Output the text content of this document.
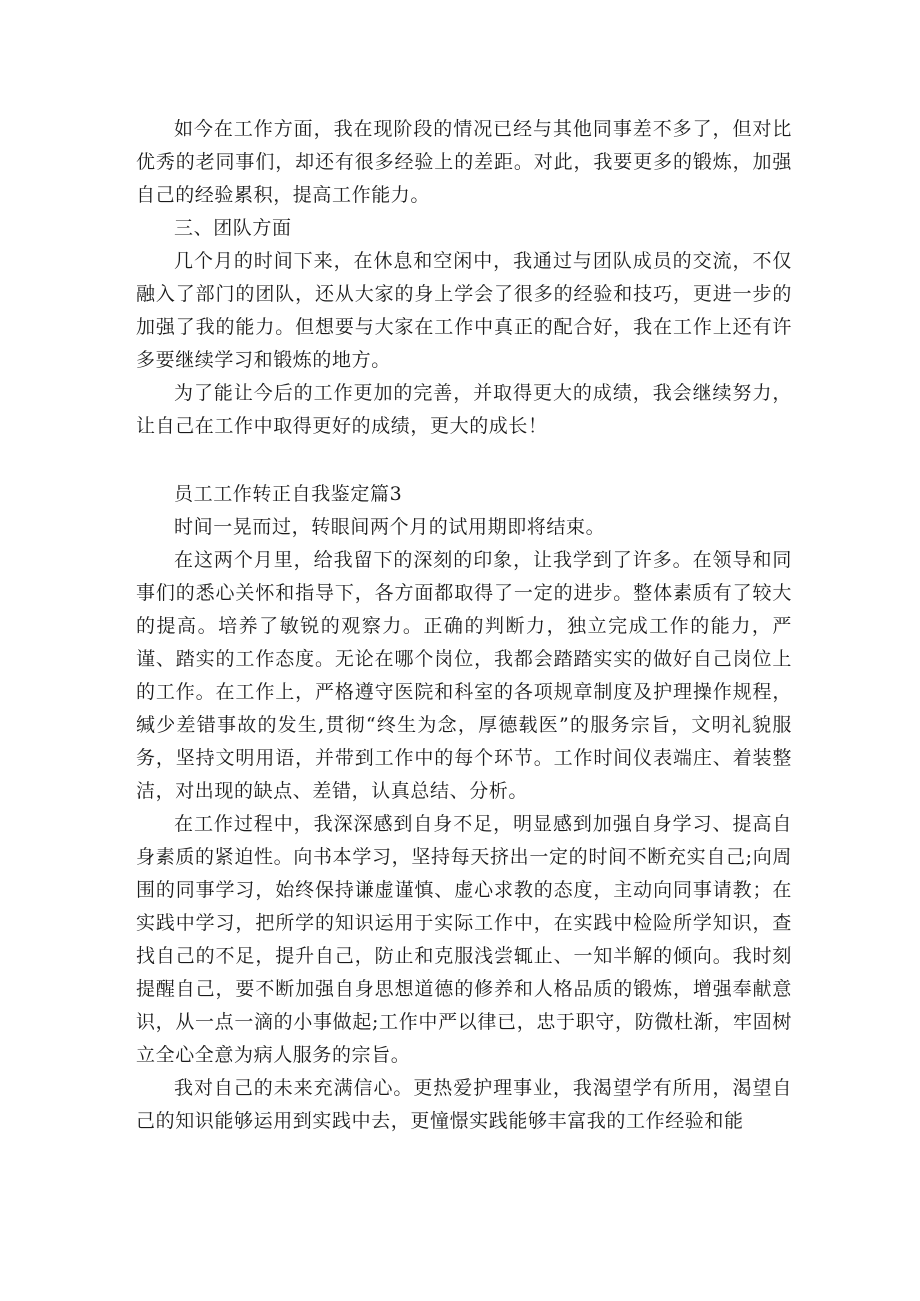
如今在工作方面，我在现阶段的情况已经与其他同事差不多了，但对比优秀的老同事们，却还有很多经验上的差距。对此，我要更多的锻炼，加强自己的经验累积，提高工作能力。

三、团队方面

几个月的时间下来，在休息和空闲中，我通过与团队成员的交流，不仅融入了部门的团队，还从大家的身上学会了很多的经验和技巧，更进一步的加强了我的能力。但想要与大家在工作中真正的配合好，我在工作上还有许多要继续学习和锻炼的地方。

为了能让今后的工作更加的完善，并取得更大的成绩，我会继续努力，让自己在工作中取得更好的成绩，更大的成长！

员工工作转正自我鉴定篇3

时间一晃而过，转眼间两个月的试用期即将结束。

在这两个月里，给我留下的深刻的印象，让我学到了许多。在领导和同事们的悉心关怀和指导下，各方面都取得了一定的进步。整体素质有了较大的提高。培养了敏锐的观察力。正确的判断力，独立完成工作的能力，严谨、踏实的工作态度。无论在哪个岗位，我都会踏踏实实的做好自己岗位上的工作。在工作上，严格遵守医院和科室的各项规章制度及护理操作规程，缄少差错事故的发生,贯彻“终生为念，厚德载医”的服务宗旨，文明礼貌服务，坚持文明用语，并带到工作中的每个环节。工作时间仪表端庄、着装整洁，对出现的缺点、差错，认真总结、分析。

在工作过程中，我深深感到自身不足，明显感到加强自身学习、提高自身素质的紧迫性。向书本学习，坚持每天挤出一定的时间不断充实自己;向周围的同事学习，始终保持谦虚谨慎、虚心求教的态度，主动向同事请教；在实践中学习，把所学的知识运用于实际工作中，在实践中检险所学知识，查找自己的不足，提升自己，防止和克服浅尝辄止、一知半解的倾向。我时刻提醒自己，要不断加强自身思想道德的修养和人格品质的锻炼，增强奉献意识，从一点一滴的小事做起;工作中严以律已，忠于职守，防微杜渐，牢固树立全心全意为病人服务的宗旨。

我对自己的未来充满信心。更热爱护理事业，我渴望学有所用，渴望自己的知识能够运用到实践中去，更憧憬实践能够丰富我的工作经验和能
